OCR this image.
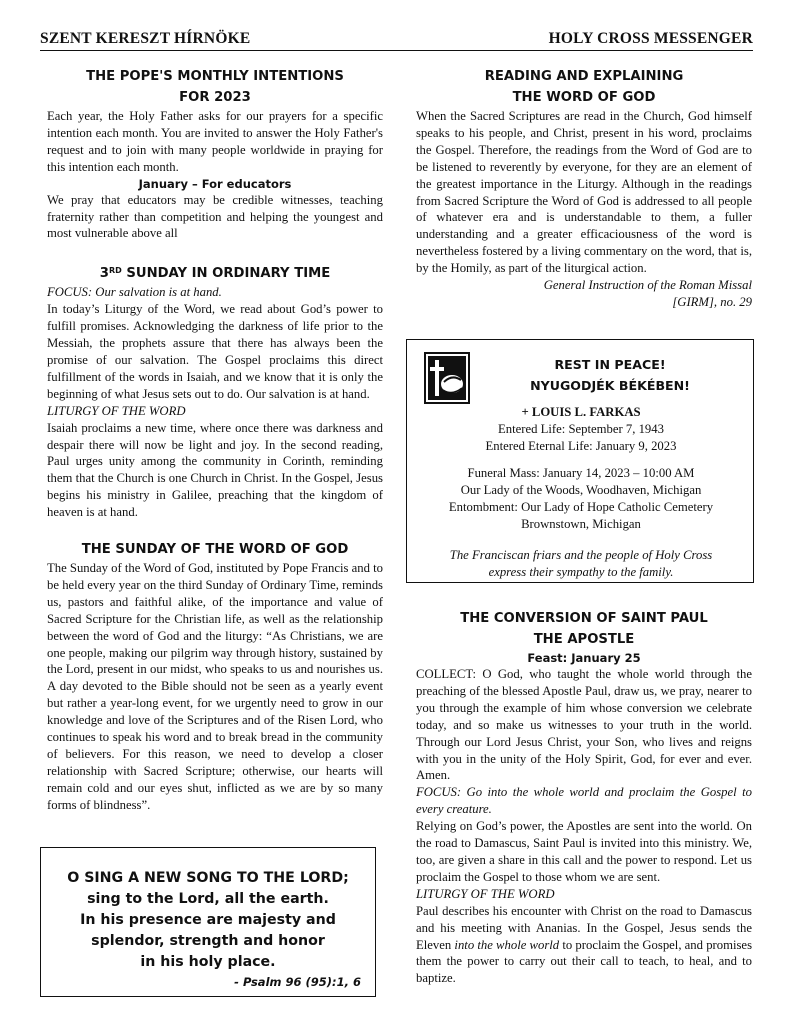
SZENT KERESZT HÍRNÖKE	HOLY CROSS MESSENGER
THE POPE'S MONTHLY INTENTIONS
FOR 2023

Each year, the Holy Father asks for our prayers for a specific intention each month. You are invited to answer the Holy Father's request and to join with many people worldwide in praying for this intention each month.

January – For educators

We pray that educators may be credible witnesses, teaching fraternity rather than competition and helping the youngest and most vulnerable above all

3RD SUNDAY IN ORDINARY TIME

FOCUS: Our salvation is at hand.

In today’s Liturgy of the Word, we read about God’s power to fulfill promises. Acknowledging the darkness of life prior to the Messiah, the prophets assure that there has always been the promise of our salvation. The Gospel proclaims this direct fulfillment of the words in Isaiah, and we know that it is only the beginning of what Jesus sets out to do. Our salvation is at hand.

LITURGY OF THE WORD

Isaiah proclaims a new time, where once there was darkness and despair there will now be light and joy. In the second reading, Paul urges unity among the community in Corinth, reminding them that the Church is one Church in Christ. In the Gospel, Jesus begins his ministry in Galilee, preaching that the kingdom of heaven is at hand.

THE SUNDAY OF THE WORD OF GOD

The Sunday of the Word of God, instituted by Pope Francis and to be held every year on the third Sunday of Ordinary Time, reminds us, pastors and faithful alike, of the importance and value of Sacred Scripture for the Christian life, as well as the relationship between the word of God and the liturgy: “As Christians, we are one people, making our pilgrim way through history, sustained by the Lord, present in our midst, who speaks to us and nourishes us. A day devoted to the Bible should not be seen as a yearly event but rather a year-long event, for we urgently need to grow in our knowledge and love of the Scriptures and of the Risen Lord, who continues to speak his word and to break bread in the community of believers. For this reason, we need to develop a closer relationship with Sacred Scripture; otherwise, our hearts will remain cold and our eyes shut, inflicted as we are by so many forms of blindness”.

O SING A NEW SONG TO THE LORD;
sing to the Lord, all the earth.
In his presence are majesty and
splendor, strength and honor
in his holy place.
- Psalm 96 (95):1, 6
READING AND EXPLAINING
THE WORD OF GOD

When the Sacred Scriptures are read in the Church, God himself speaks to his people, and Christ, present in his word, proclaims the Gospel. Therefore, the readings from the Word of God are to be listened to reverently by everyone, for they are an element of the greatest importance in the Liturgy. Although in the readings from Sacred Scripture the Word of God is addressed to all people of whatever era and is understandable to them, a fuller understanding and a greater efficaciousness of the word is nevertheless fostered by a living commentary on the word, that is, by the Homily, as part of the liturgical action.

General Instruction of the Roman Missal
[GIRM], no. 29
REST IN PEACE!
NYUGODJÉK BÉKÉBEN!

+ LOUIS L. FARKAS

Entered Life: September 7, 1943

Entered Eternal Life: January 9, 2023

Funeral Mass: January 14, 2023 – 10:00 AM

Our Lady of the Woods, Woodhaven, Michigan

Entombment: Our Lady of Hope Catholic Cemetery

Brownstown, Michigan

The Franciscan friars and the people of Holy Cross

express their sympathy to the family.

THE CONVERSION OF SAINT PAUL
THE APOSTLE
Feast: January 25

COLLECT: O God, who taught the whole world through the preaching of the blessed Apostle Paul, draw us, we pray, nearer to you through the example of him whose conversion we celebrate today, and so make us witnesses to your truth in the world. Through our Lord Jesus Christ, your Son, who lives and reigns with you in the unity of the Holy Spirit, God, for ever and ever. Amen.

FOCUS: Go into the whole world and proclaim the Gospel to every creature.

Relying on God’s power, the Apostles are sent into the world. On the road to Damascus, Saint Paul is invited into this ministry. We, too, are given a share in this call and the power to respond. Let us proclaim the Gospel to those whom we are sent.

LITURGY OF THE WORD

Paul describes his encounter with Christ on the road to Damascus and his meeting with Ananias. In the Gospel, Jesus sends the Eleven into the whole world to proclaim the Gospel, and promises them the power to carry out their call to teach, to heal, and to baptize.
